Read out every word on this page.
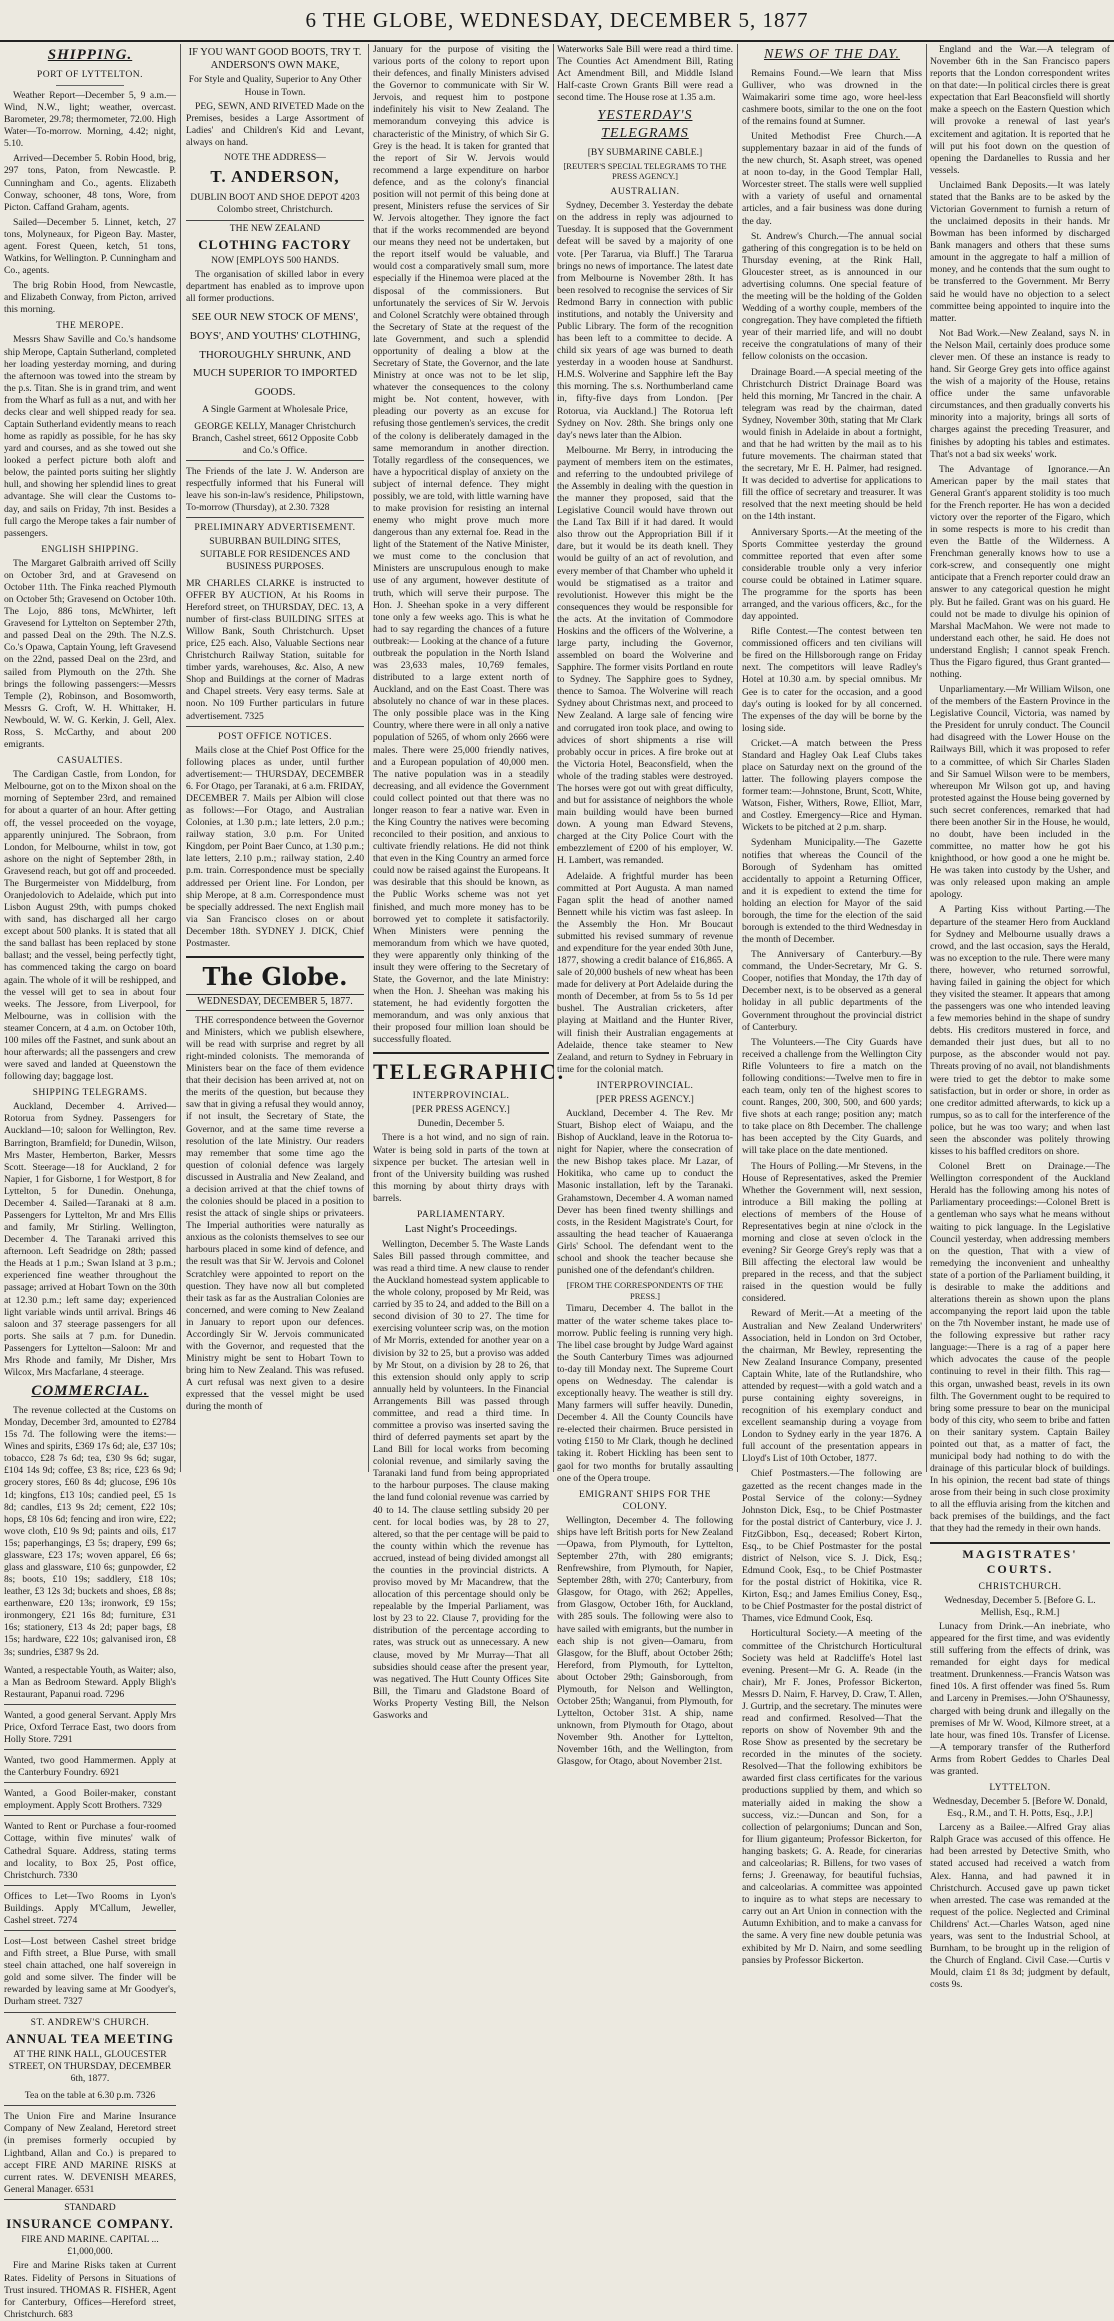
6 THE GLOBE, WEDNESDAY, DECEMBER 5, 1877
SHIPPING.
PORT OF LYTTELTON.

Weather Report—December 5, 9 a.m.—Wind, N.W., light; weather, overcast. Barometer, 29.78; thermometer, 72.00. High Water—To-morrow. Morning, 4.42; night, 5.10.

Arrived—December 5. Robin Hood, brig, 297 tons, Paton, from Newcastle. P. Cunningham and Co., agents. Elizabeth Conway, schooner, 48 tons, Wore, from Picton. Caffand Graham, agents.

Sailed—December 5. Linnet, ketch, 27 tons, Molyneaux, for Pigeon Bay. Master, agent. Forest Queen, ketch, 51 tons, Watkins, for Wellington. P. Cunningham and Co., agents.

The brig Robin Hood, from Newcastle, and Elizabeth Conway, from Picton, arrived this morning.

THE MEROPE.

Messrs Shaw Saville and Co.'s handsome ship Merope, Captain Sutherland, completed her loading yesterday morning, and during the afternoon was towed into the stream by the p.s. Titan. She is in grand trim, and went from the Wharf as full as a nut, and with her decks clear and well shipped ready for sea. Captain Sutherland evidently means to reach home as rapidly as possible, for he has sky yard and courses, and as she towed out she looked a perfect picture both aloft and below, the painted ports suiting her slightly hull, and showing her splendid lines to great advantage. She will clear the Customs to-day, and sails on Friday, 7th inst. Besides a full cargo the Merope takes a fair number of passengers.

ENGLISH SHIPPING.

The Margaret Galbraith arrived off Scilly on October 3rd, and at Gravesend on October 11th. The Finka reached Plymouth on October 5th; Gravesend on October 10th. The Lojo, 886 tons, McWhirter, left Gravesend for Lyttelton on September 27th, and passed Deal on the 29th. The N.Z.S. Co.'s Opawa, Captain Young, left Gravesend on the 22nd, passed Deal on the 23rd, and sailed from Plymouth on the 27th. She brings the following passengers:—Messrs Temple (2), Robinson, and Bosomworth, Messrs G. Croft, W. H. Whittaker, H. Newbould, W. W. G. Kerkin, J. Gell, Alex. Ross, S. McCarthy, and about 200 emigrants.

CASUALTIES.

The Cardigan Castle, from London, for Melbourne, got on to the Mixon shoal on the morning of September 23rd, and remained for about a quarter of an hour. After getting off, the vessel proceeded on the voyage, apparently uninjured. The Sobraon, from London, for Melbourne, whilst in tow, got ashore on the night of September 28th, in Gravesend reach, but got off and proceeded. The Burgermeister von Middelburg, from Oranjedolovich to Adelaide, which put into Lisbon August 29th, with pumps choked with sand, has discharged all her cargo except about 500 planks. It is stated that all the sand ballast has been replaced by stone ballast; and the vessel, being perfectly tight, has commenced taking the cargo on board again. The whole of it will be reshipped, and the vessel will get to sea in about four weeks. The Jessore, from Liverpool, for Melbourne, was in collision with the steamer Concern, at 4 a.m. on October 10th, 100 miles off the Fastnet, and sunk about an hour afterwards; all the passengers and crew were saved and landed at Queenstown the following day; baggage lost.

SHIPPING TELEGRAMS.

Auckland, December 4. Arrived—Rotorua from Sydney. Passengers for Auckland—10; saloon for Wellington, Rev. Barrington, Bramfield; for Dunedin, Wilson, Mrs Master, Hemberton, Barker, Messrs Scott. Steerage—18 for Auckland, 2 for Napier, 1 for Gisborne, 1 for Westport, 8 for Lyttelton, 5 for Dunedin. Onehunga, December 4. Sailed—Taranaki at 8 a.m. Passengers for Lyttelton, Mr and Mrs Ellis and family, Mr Stirling. Wellington, December 4. The Taranaki arrived this afternoon. Left Seadridge on 28th; passed the Heads at 1 p.m.; Swan Island at 3 p.m.; experienced fine weather throughout the passage; arrived at Hobart Town on the 30th at 12.30 p.m.; left same day; experienced light variable winds until arrival. Brings 46 saloon and 37 steerage passengers for all ports. She sails at 7 p.m. for Dunedin. Passengers for Lyttelton—Saloon: Mr and Mrs Rhode and family, Mr Disher, Mrs Wilcox, Mrs Macfarlane, 4 steerage.

COMMERCIAL.

The revenue collected at the Customs on Monday, December 3rd, amounted to £2784 15s 7d. The following were the items:—Wines and spirits, £369 17s 6d; ale, £37 10s; tobacco, £28 7s 6d; tea, £30 9s 6d; sugar, £104 14s 9d; coffee, £3 8s; rice, £23 6s 9d; grocery stores, £60 8s 4d; glucose, £96 10s 1d; kingfons, £13 10s; candied peel, £5 1s 8d; candles, £13 9s 2d; cement, £22 10s; hops, £8 10s 6d; fencing and iron wire, £22; wove cloth, £10 9s 9d; paints and oils, £17 15s; paperhangings, £3 5s; drapery, £99 6s; glassware, £23 17s; woven apparel, £6 6s; glass and glassware, £10 6s; gunpowder, £2 8s; boots, £10 19s; saddlery, £18 10s; leather, £3 12s 3d; buckets and shoes, £8 8s; earthenware, £20 13s; ironwork, £9 15s; ironmongery, £21 16s 8d; furniture, £31 16s; stationery, £13 4s 2d; paper bags, £8 15s; hardware, £22 10s; galvanised iron, £8 3s; sundries, £387 9s 2d.

Wanted, a respectable Youth, as Waiter; also, a Man as Bedroom Steward. Apply Bligh's Restaurant, Papanui road. 7296
Wanted, a good general Servant. Apply Mrs Price, Oxford Terrace East, two doors from Holly Store. 7291
Wanted, two good Hammermen. Apply at the Canterbury Foundry. 6921
Wanted, a Good Boiler-maker, constant employment. Apply Scott Brothers. 7329
Wanted to Rent or Purchase a four-roomed Cottage, within five minutes' walk of Cathedral Square. Address, stating terms and locality, to Box 25, Post office, Christchurch. 7330
Offices to Let—Two Rooms in Lyon's Buildings. Apply M'Callum, Jeweller, Cashel street. 7274
Lost—Lost between Cashel street bridge and Fifth street, a Blue Purse, with small steel chain attached, one half sovereign in gold and some silver. The finder will be rewarded by leaving same at Mr Goodyer's, Durham street. 7327
ST. ANDREW'S CHURCH.
ANNUAL TEA MEETING
AT THE RINK HALL, GLOUCESTER STREET, ON THURSDAY, DECEMBER 6th, 1877.
Tea on the table at 6.30 p.m. 7326
The Union Fire and Marine Insurance Company of New Zealand, Heretord street (in premises formerly occupied by Lightband, Allan and Co.) is prepared to accept FIRE AND MARINE RISKS at current rates. W. DEVENISH MEARES, General Manager. 6531
STANDARD
INSURANCE COMPANY.
FIRE AND MARINE. CAPITAL ... £1,000,000.

Fire and Marine Risks taken at Current Rates. Fidelity of Persons in Situations of Trust insured. THOMAS R. FISHER, Agent for Canterbury, Offices—Hereford street, Christchurch. 683

IF YOU WANT GOOD BOOTS, TRY T. ANDERSON'S OWN MAKE,
For Style and Quality, Superior to Any Other House in Town.

PEG, SEWN, AND RIVETED Made on the Premises, besides a Large Assortment of Ladies' and Children's Kid and Levant, always on hand.

NOTE THE ADDRESS—
T. ANDERSON,
DUBLIN BOOT AND SHOE DEPOT 4203 Colombo street, Christchurch.
THE NEW ZEALAND
CLOTHING FACTORY
NOW [EMPLOYS 500 HANDS.

The organisation of skilled labor in every department has enabled as to improve upon all former productions.

SEE OUR NEW STOCK OF MENS', BOYS', AND YOUTHS' CLOTHING, THOROUGHLY SHRUNK, AND MUCH SUPERIOR TO IMPORTED GOODS.
A Single Garment at Wholesale Price,
GEORGE KELLY, Manager Christchurch Branch, Cashel street, 6612 Opposite Cobb and Co.'s Office.
The Friends of the late J. W. Anderson are respectfully informed that his Funeral will leave his son-in-law's residence, Philipstown, To-morrow (Thursday), at 2.30. 7328
PRELIMINARY ADVERTISEMENT.
SUBURBAN BUILDING SITES, SUITABLE FOR RESIDENCES AND BUSINESS PURPOSES.
MR CHARLES CLARKE is instructed to OFFER BY AUCTION, At his Rooms in Hereford street, on THURSDAY, DEC. 13, A number of first-class BUILDING SITES at Willow Bank, South Christchurch. Upset price, £25 each. Also, Valuable Sections near Christchurch Railway Station, suitable for timber yards, warehouses, &c. Also, A new Shop and Buildings at the corner of Madras and Chapel streets. Very easy terms. Sale at noon. No 109 Further particulars in future advertisement. 7325
POST OFFICE NOTICES.

Mails close at the Chief Post Office for the following places as under, until further advertisement:— THURSDAY, DECEMBER 6. For Otago, per Taranaki, at 6 a.m. FRIDAY, DECEMBER 7. Mails per Albion will close as follows:—For Otago, and Australian Colonies, at 1.30 p.m.; late letters, 2.0 p.m.; railway station, 3.0 p.m. For United Kingdom, per Point Baer Cunco, at 1.30 p.m.; late letters, 2.10 p.m.; railway station, 2.40 p.m. train. Correspondence must be specially addressed per Orient line. For London, per ship Merope, at 8 a.m. Correspondence must be specially addressed. The next English mail via San Francisco closes on or about December 18th. SYDNEY J. DICK, Chief Postmaster.

The Globe.
WEDNESDAY, DECEMBER 5, 1877.

THE correspondence between the Governor and Ministers, which we publish elsewhere, will be read with surprise and regret by all right-minded colonists. The memoranda of Ministers bear on the face of them evidence that their decision has been arrived at, not on the merits of the question, but because they saw that in giving a refusal they would annoy, if not insult, the Secretary of State, the Governor, and at the same time reverse a resolution of the late Ministry. Our readers may remember that some time ago the question of colonial defence was largely discussed in Australia and New Zealand, and a decision arrived at that the chief towns of the colonies should be placed in a position to resist the attack of single ships or privateers. The Imperial authorities were naturally as anxious as the colonists themselves to see our harbours placed in some kind of defence, and the result was that Sir W. Jervois and Colonel Scratchley were appointed to report on the question. They have now all but completed their task as far as the Australian Colonies are concerned, and were coming to New Zealand in January to report upon our defences. Accordingly Sir W. Jervois communicated with the Governor, and requested that the Ministry might be sent to Hobart Town to bring him to New Zealand. This was refused. A curt refusal was next given to a desire expressed that the vessel might be used during the month of

January for the purpose of visiting the various ports of the colony to report upon their defences, and finally Ministers advised the Governor to communicate with Sir W. Jervois, and request him to postpone indefinitely his visit to New Zealand. The memorandum conveying this advice is characteristic of the Ministry, of which Sir G. Grey is the head. It is taken for granted that the report of Sir W. Jervois would recommend a large expenditure on harbor defence, and as the colony's financial position will not permit of this being done at present, Ministers refuse the services of Sir W. Jervois altogether. They ignore the fact that if the works recommended are beyond our means they need not be undertaken, but the report itself would be valuable, and would cost a comparatively small sum, more especially if the Hinemoa were placed at the disposal of the commissioners. But unfortunately the services of Sir W. Jervois and Colonel Scratchly were obtained through the Secretary of State at the request of the late Government, and such a splendid opportunity of dealing a blow at the Secretary of State, the Governor, and the late Ministry at once was not to be let slip, whatever the consequences to the colony might be. Not content, however, with pleading our poverty as an excuse for refusing those gentlemen's services, the credit of the colony is deliberately damaged in the same memorandum in another direction. Totally regardless of the consequences, we have a hypocritical display of anxiety on the subject of internal defence. They might possibly, we are told, with little warning have to make provision for resisting an internal enemy who might prove much more dangerous than any external foe. Read in the light of the Statement of the Native Minister, we must come to the conclusion that Ministers are unscrupulous enough to make use of any argument, however destitute of truth, which will serve their purpose. The Hon. J. Sheehan spoke in a very different tone only a few weeks ago. This is what he had to say regarding the chances of a future outbreak:— Looking at the chance of a future outbreak the population in the North Island was 23,633 males, 10,769 females, distributed to a large extent north of Auckland, and on the East Coast. There was absolutely no chance of war in these places. The only possible place was in the King Country, where there were in all only a native population of 5265, of whom only 2666 were males. There were 25,000 friendly natives, and a European population of 40,000 men. The native population was in a steadily decreasing, and all evidence the Government could collect pointed out that there was no longer reason to fear a native war. Even in the King Country the natives were becoming reconciled to their position, and anxious to cultivate friendly relations. He did not think that even in the King Country an armed force could now be raised against the Europeans. It was desirable that this should be known, as the Public Works scheme was not yet finished, and much more money has to be borrowed yet to complete it satisfactorily. When Ministers were penning the memorandum from which we have quoted, they were apparently only thinking of the insult they were offering to the Secretary of State, the Governor, and the late Ministry: when the Hon. J. Sheehan was making his statement, he had evidently forgotten the memorandum, and was only anxious that their proposed four million loan should be successfully floated.

TELEGRAPHIC.
INTERPROVINCIAL.
[PER PRESS AGENCY.]
Dunedin, December 5.

There is a hot wind, and no sign of rain. Water is being sold in parts of the town at sixpence per bucket. The artesian well in front of the University building was rushed this morning by about thirty drays with barrels.

PARLIAMENTARY.
Last Night's Proceedings.

Wellington, December 5. The Waste Lands Sales Bill passed through committee, and was read a third time. A new clause to render the Auckland homestead system applicable to the whole colony, proposed by Mr Reid, was carried by 35 to 24, and added to the Bill on a second division of 30 to 27. The time for exercising volunteer scrip was, on the motion of Mr Morris, extended for another year on a division by 32 to 25, but a proviso was added by Mr Stout, on a division by 28 to 26, that this extension should only apply to scrip annually held by volunteers. In the Financial Arrangements Bill was passed through committee, and read a third time. In committee a proviso was inserted saving the third of deferred payments set apart by the Land Bill for local works from becoming colonial revenue, and similarly saving the Taranaki land fund from being appropriated to the harbour purposes. The clause making the land fund colonial revenue was carried by 40 to 14. The clause settling subsidy 20 per cent. for local bodies was, by 28 to 27, altered, so that the per centage will be paid to the county within which the revenue has accrued, instead of being divided amongst all the counties in the provincial districts. A proviso moved by Mr Macandrew, that the allocation of this percentage should only be repealable by the Imperial Parliament, was lost by 23 to 22. Clause 7, providing for the distribution of the percentage according to rates, was struck out as unnecessary. A new clause, moved by Mr Murray—That all subsidies should cease after the present year, was negatived. The Hutt County Offices Site Bill, the Timaru and Gladstone Board of Works Property Vesting Bill, the Nelson Gasworks and

Waterworks Sale Bill were read a third time. The Counties Act Amendment Bill, Rating Act Amendment Bill, and Middle Island Half-caste Crown Grants Bill were read a second time. The House rose at 1.35 a.m.

YESTERDAY'S TELEGRAMS
[BY SUBMARINE CABLE.]
[REUTER'S SPECIAL TELEGRAMS TO THE PRESS AGENCY.]
AUSTRALIAN.

Sydney, December 3. Yesterday the debate on the address in reply was adjourned to Tuesday. It is supposed that the Government defeat will be saved by a majority of one vote. [Per Tararua, via Bluff.] The Tararua brings no news of importance. The latest date from Melbourne is November 28th. It has been resolved to recognise the services of Sir Redmond Barry in connection with public institutions, and notably the University and Public Library. The form of the recognition has been left to a committee to decide. A child six years of age was burned to death yesterday in a wooden house at Sandhurst. H.M.S. Wolverine and Sapphire left the Bay this morning. The s.s. Northumberland came in, fifty-five days from London. [Per Rotorua, via Auckland.] The Rotorua left Sydney on Nov. 28th. She brings only one day's news later than the Albion.

Melbourne. Mr Berry, in introducing the payment of members item on the estimates, and referring to the undoubted privilege of the Assembly in dealing with the question in the manner they proposed, said that the Legislative Council would have thrown out the Land Tax Bill if it had dared. It would also throw out the Appropriation Bill if it dare, but it would be its death knell. They would be guilty of an act of revolution, and every member of that Chamber who upheld it would be stigmatised as a traitor and revolutionist. However this might be the consequences they would be responsible for the acts. At the invitation of Commodore Hoskins and the officers of the Wolverine, a large party, including the Governor, assembled on board the Wolverine and Sapphire. The former visits Portland en route to Sydney. The Sapphire goes to Sydney, thence to Samoa. The Wolverine will reach Sydney about Christmas next, and proceed to New Zealand. A large sale of fencing wire and corrugated iron took place, and owing to advices of short shipments a rise will probably occur in prices. A fire broke out at the Victoria Hotel, Beaconsfield, when the whole of the trading stables were destroyed. The horses were got out with great difficulty, and but for assistance of neighbors the whole main building would have been burned down. A young man Edward Stevens, charged at the City Police Court with the embezzlement of £200 of his employer, W. H. Lambert, was remanded.

Adelaide. A frightful murder has been committed at Port Augusta. A man named Fagan split the head of another named Bennett while his victim was fast asleep. In the Assembly the Hon. Mr Boucaut submitted his revised summary of revenue and expenditure for the year ended 30th June, 1877, showing a credit balance of £16,865. A sale of 20,000 bushels of new wheat has been made for delivery at Port Adelaide during the month of December, at from 5s to 5s 1d per bushel. The Australian cricketers, after playing at Maitland and the Hunter River, will finish their Australian engagements at Adelaide, thence take steamer to New Zealand, and return to Sydney in February in time for the colonial match.

INTERPROVINCIAL.
[PER PRESS AGENCY.]

Auckland, December 4. The Rev. Mr Stuart, Bishop elect of Waiapu, and the Bishop of Auckland, leave in the Rotorua to-night for Napier, where the consecration of the new Bishop takes place. Mr Lazar, of Hokitika, who came up to conduct the Masonic installation, left by the Taranaki. Grahamstown, December 4. A woman named Dever has been fined twenty shillings and costs, in the Resident Magistrate's Court, for assaulting the head teacher of Kauaeranga Girls' School. The defendant went to the school and shook the teacher because she punished one of the defendant's children.

[FROM THE CORRESPONDENTS OF THE PRESS.]

Timaru, December 4. The ballot in the matter of the water scheme takes place to-morrow. Public feeling is running very high. The libel case brought by Judge Ward against the South Canterbury Times was adjourned to-day till Monday next. The Supreme Court opens on Wednesday. The calendar is exceptionally heavy. The weather is still dry. Many farmers will suffer heavily. Dunedin, December 4. All the County Councils have re-elected their chairmen. Bruce persisted in voting £150 to Mr Clark, though he declined taking it. Robert Hickling has been sent to gaol for two months for brutally assaulting one of the Opera troupe.

EMIGRANT SHIPS FOR THE COLONY.

Wellington, December 4. The following ships have left British ports for New Zealand—Opawa, from Plymouth, for Lyttelton, September 27th, with 280 emigrants; Renfrewshire, from Plymouth, for Napier, September 28th, with 270; Canterbury, from Glasgow, for Otago, with 262; Appelles, from Glasgow, October 16th, for Auckland, with 285 souls. The following were also to have sailed with emigrants, but the number in each ship is not given—Oamaru, from Glasgow, for the Bluff, about October 26th; Hereford, from Plymouth, for Lyttelton, about October 29th; Gainsborough, from Plymouth, for Nelson and Wellington, October 25th; Wanganui, from Plymouth, for Lyttelton, October 31st. A ship, name unknown, from Plymouth for Otago, about November 9th. Another for Lyttelton, November 16th, and the Wellington, from Glasgow, for Otago, about November 21st.

NEWS OF THE DAY.

Remains Found.—We learn that Miss Gulliver, who was drowned in the Waimakariri some time ago, wore heel-less cashmere boots, similar to the one on the foot of the remains found at Sumner.

United Methodist Free Church.—A supplementary bazaar in aid of the funds of the new church, St. Asaph street, was opened at noon to-day, in the Good Templar Hall, Worcester street. The stalls were well supplied with a variety of useful and ornamental articles, and a fair business was done during the day.

St. Andrew's Church.—The annual social gathering of this congregation is to be held on Thursday evening, at the Rink Hall, Gloucester street, as is announced in our advertising columns. One special feature of the meeting will be the holding of the Golden Wedding of a worthy couple, members of the congregation. They have completed the fiftieth year of their married life, and will no doubt receive the congratulations of many of their fellow colonists on the occasion.

Drainage Board.—A special meeting of the Christchurch District Drainage Board was held this morning, Mr Tancred in the chair. A telegram was read by the chairman, dated Sydney, November 30th, stating that Mr Clark would finish in Adelaide in about a fortnight, and that he had written by the mail as to his future movements. The chairman stated that the secretary, Mr E. H. Palmer, had resigned. It was decided to advertise for applications to fill the office of secretary and treasurer. It was resolved that the next meeting should be held on the 14th instant.

Anniversary Sports.—At the meeting of the Sports Committee yesterday the ground committee reported that even after some considerable trouble only a very inferior course could be obtained in Latimer square. The programme for the sports has been arranged, and the various officers, &c., for the day appointed.

Rifle Contest.—The contest between ten commissioned officers and ten civilians will be fired on the Hillsborough range on Friday next. The competitors will leave Radley's Hotel at 10.30 a.m. by special omnibus. Mr Gee is to cater for the occasion, and a good day's outing is looked for by all concerned. The expenses of the day will be borne by the losing side.

Cricket.—A match between the Press Standard and Hagley Oak Leaf Clubs takes place on Saturday next on the ground of the latter. The following players compose the former team:—Johnstone, Brunt, Scott, White, Watson, Fisher, Withers, Rowe, Elliot, Marr, and Costley. Emergency—Rice and Hyman. Wickets to be pitched at 2 p.m. sharp.

Sydenham Municipality.—The Gazette notifies that whereas the Council of the Borough of Sydenham has omitted accidentally to appoint a Returning Officer, and it is expedient to extend the time for holding an election for Mayor of the said borough, the time for the election of the said borough is extended to the third Wednesday in the month of December.

The Anniversary of Canterbury.—By command, the Under-Secretary, Mr G. S. Cooper, notifies that Monday, the 17th day of December next, is to be observed as a general holiday in all public departments of the Government throughout the provincial district of Canterbury.

The Volunteers.—The City Guards have received a challenge from the Wellington City Rifle Volunteers to fire a match on the following conditions:—Twelve men to fire in each team, only ten of the highest scores to count. Ranges, 200, 300, 500, and 600 yards; five shots at each range; position any; match to take place on 8th December. The challenge has been accepted by the City Guards, and will take place on the date mentioned.

The Hours of Polling.—Mr Stevens, in the House of Representatives, asked the Premier Whether the Government will, next session, introduce a Bill making the polling at elections of members of the House of Representatives begin at nine o'clock in the morning and close at seven o'clock in the evening? Sir George Grey's reply was that a Bill affecting the electoral law would be prepared in the recess, and that the subject raised in the question would be fully considered.

Reward of Merit.—At a meeting of the Australian and New Zealand Underwriters' Association, held in London on 3rd October, the chairman, Mr Bewley, representing the New Zealand Insurance Company, presented Captain White, late of the Rutlandshire, who attended by request—with a gold watch and a purse containing eighty sovereigns, in recognition of his exemplary conduct and excellent seamanship during a voyage from London to Sydney early in the year 1876. A full account of the presentation appears in Lloyd's List of 10th October, 1877.

Chief Postmasters.—The following are gazetted as the recent changes made in the Postal Service of the colony:—Sydney Johnston Dick, Esq., to be Chief Postmaster for the postal district of Canterbury, vice J. J. FitzGibbon, Esq., deceased; Robert Kirton, Esq., to be Chief Postmaster for the postal district of Nelson, vice S. J. Dick, Esq.; Edmund Cook, Esq., to be Chief Postmaster for the postal district of Hokitika, vice R. Kirton, Esq.; and James Emilius Coney, Esq., to be Chief Postmaster for the postal district of Thames, vice Edmund Cook, Esq.

Horticultural Society.—A meeting of the committee of the Christchurch Horticultural Society was held at Radcliffe's Hotel last evening. Present—Mr G. A. Reade (in the chair), Mr F. Jones, Professor Bickerton, Messrs D. Nairn, F. Harvey, D. Craw, T. Allen, J. Gurtrip, and the secretary. The minutes were read and confirmed. Resolved—That the reports on show of November 9th and the Rose Show as presented by the secretary be recorded in the minutes of the society. Resolved—That the following exhibitors be awarded first class certificates for the various productions supplied by them, and which so materially aided in making the show a success, viz.:—Duncan and Son, for a collection of pelargoniums; Duncan and Son, for Ilium giganteum; Professor Bickerton, for hanging baskets; G. A. Reade, for cinerarias and calceolarias; R. Billens, for two vases of ferns; J. Greenaway, for beautiful fuchsias, and calceolarias. A committee was appointed to inquire as to what steps are necessary to carry out an Art Union in connection with the Autumn Exhibition, and to make a canvass for the same. A very fine new double petunia was exhibited by Mr D. Nairn, and some seedling pansies by Professor Bickerton.

England and the War.—A telegram of November 6th in the San Francisco papers reports that the London correspondent writes on that date:—In political circles there is great expectation that Earl Beaconsfield will shortly make a speech on the Eastern Question which will provoke a renewal of last year's excitement and agitation. It is reported that he will put his foot down on the question of opening the Dardanelles to Russia and her vessels.

Unclaimed Bank Deposits.—It was lately stated that the Banks are to be asked by the Victorian Government to furnish a return of the unclaimed deposits in their hands. Mr Bowman has been informed by discharged Bank managers and others that these sums amount in the aggregate to half a million of money, and he contends that the sum ought to be transferred to the Government. Mr Berry said he would have no objection to a select committee being appointed to inquire into the matter.

Not Bad Work.—New Zealand, says N. in the Nelson Mail, certainly does produce some clever men. Of these an instance is ready to hand. Sir George Grey gets into office against the wish of a majority of the House, retains office under the same unfavorable circumstances, and then gradually converts his minority into a majority, brings all sorts of charges against the preceding Treasurer, and finishes by adopting his tables and estimates. That's not a bad six weeks' work.

The Advantage of Ignorance.—An American paper by the mail states that General Grant's apparent stolidity is too much for the French reporter. He has won a decided victory over the reporter of the Figaro, which in some respects is more to his credit than even the Battle of the Wilderness. A Frenchman generally knows how to use a cork-screw, and consequently one might anticipate that a French reporter could draw an answer to any categorical question he might ply. But he failed. Grant was on his guard. He could not be made to divulge his opinion of Marshal MacMahon. We were not made to understand each other, he said. He does not understand English; I cannot speak French. Thus the Figaro figured, thus Grant granted—nothing.

Unparliamentary.—Mr William Wilson, one of the members of the Eastern Province in the Legislative Council, Victoria, was named by the President for unruly conduct. The Council had disagreed with the Lower House on the Railways Bill, which it was proposed to refer to a committee, of which Sir Charles Sladen and Sir Samuel Wilson were to be members, whereupon Mr Wilson got up, and having protested against the House being governed by such secret conferences, remarked that had there been another Sir in the House, he would, no doubt, have been included in the committee, no matter how he got his knighthood, or how good a one he might be. He was taken into custody by the Usher, and was only released upon making an ample apology.

A Parting Kiss without Parting.—The departure of the steamer Hero from Auckland for Sydney and Melbourne usually draws a crowd, and the last occasion, says the Herald, was no exception to the rule. There were many there, however, who returned sorrowful, having failed in gaining the object for which they visited the steamer. It appears that among the passengers was one who intended leaving a few memories behind in the shape of sundry debts. His creditors mustered in force, and demanded their just dues, but all to no purpose, as the absconder would not pay. Threats proving of no avail, not blandishments were tried to get the debtor to make some satisfaction, but in order or shore, in order as one creditor admitted afterwards, to kick up a rumpus, so as to call for the interference of the police, but he was too wary; and when last seen the absconder was politely throwing kisses to his baffled creditors on shore.

Colonel Brett on Drainage.—The Wellington correspondent of the Auckland Herald has the following among his notes of Parliamentary proceedings:—Colonel Brett is a gentleman who says what he means without waiting to pick language. In the Legislative Council yesterday, when addressing members on the question, That with a view of remedying the inconvenient and unhealthy state of a portion of the Parliament building, it is desirable to make the additions and alterations therein as shown upon the plans accompanying the report laid upon the table on the 7th November instant, he made use of the following expressive but rather racy language:—There is a rag of a paper here which advocates the cause of the people continuing to revel in their filth. This rag—this organ, unwashed beast, revels in its own filth. The Government ought to be required to bring some pressure to bear on the municipal body of this city, who seem to bribe and fatten on their sanitary system. Captain Bailey pointed out that, as a matter of fact, the municipal body had nothing to do with the drainage of this particular block of buildings. In his opinion, the recent bad state of things arose from their being in such close proximity to all the effluvia arising from the kitchen and back premises of the buildings, and the fact that they had the remedy in their own hands.

MAGISTRATES' COURTS.
CHRISTCHURCH.
Wednesday, December 5. [Before G. L. Mellish, Esq., R.M.]

Lunacy from Drink.—An inebriate, who appeared for the first time, and was evidently still suffering from the effects of drink, was remanded for eight days for medical treatment. Drunkenness.—Francis Watson was fined 10s. A first offender was fined 5s. Rum and Larceny in Premises.—John O'Shaunessy, charged with being drunk and illegally on the premises of Mr W. Wood, Kilmore street, at a late hour, was fined 10s. Transfer of License.—A temporary transfer of the Rutherford Arms from Robert Geddes to Charles Deal was granted.

LYTTELTON.
Wednesday, December 5. [Before W. Donald, Esq., R.M., and T. H. Potts, Esq., J.P.]

Larceny as a Bailee.—Alfred Gray alias Ralph Grace was accused of this offence. He had been arrested by Detective Smith, who stated accused had received a watch from Alex. Hanna, and had pawned it in Christchurch. Accused gave up pawn ticket when arrested. The case was remanded at the request of the police. Neglected and Criminal Childrens' Act.—Charles Watson, aged nine years, was sent to the Industrial School, at Burnham, to be brought up in the religion of the Church of England. Civil Case.—Curtis v Mould, claim £1 8s 3d; judgment by default, costs 9s.
